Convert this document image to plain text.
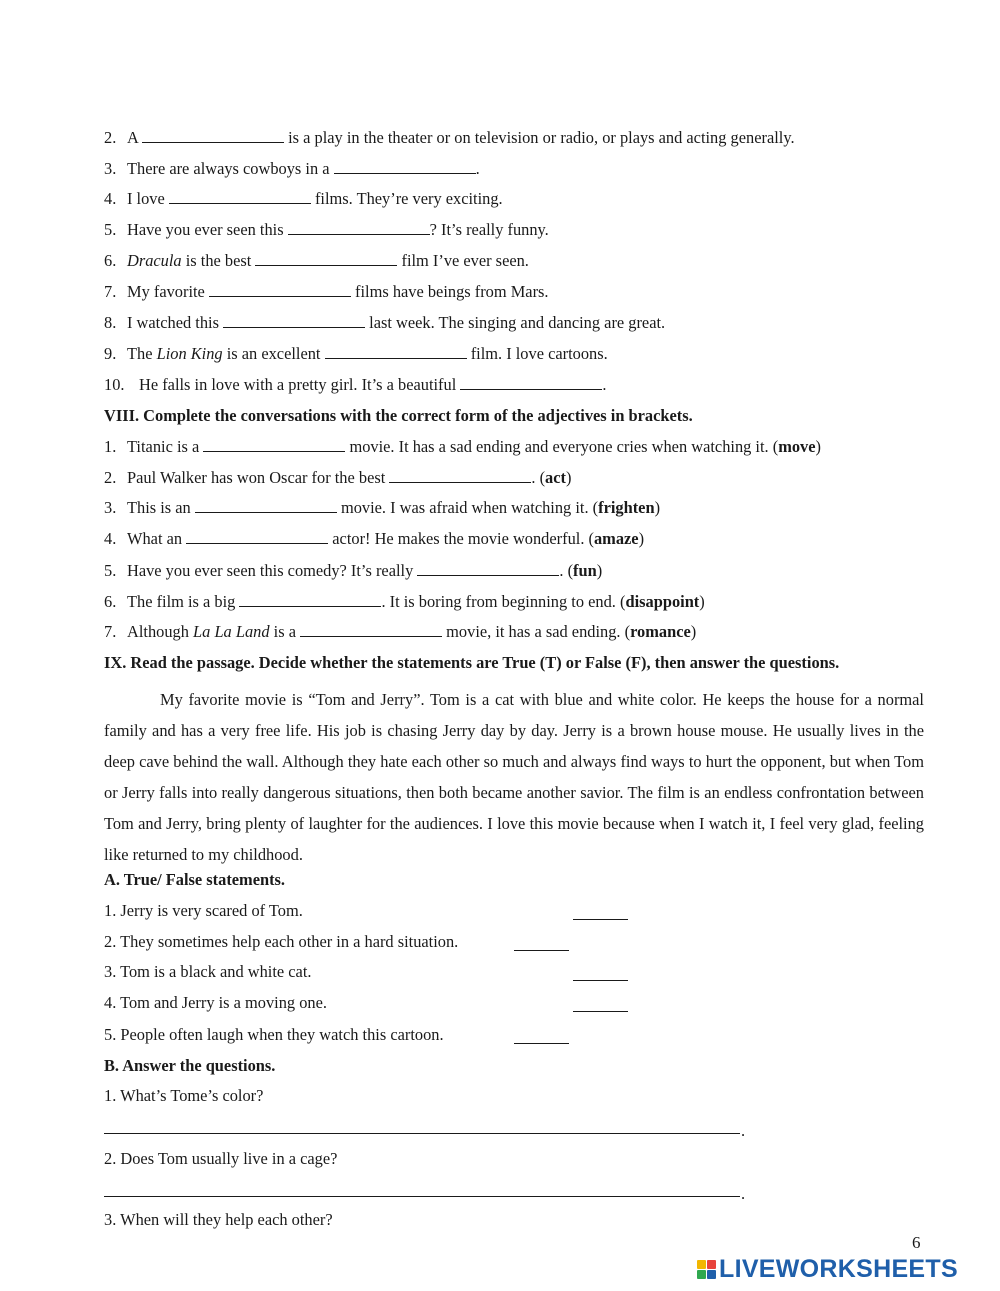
2. A	is a play in the theater or on television or radio, or plays and acting generally.
3. There are always cowboys in a	.
4. I love	films. They’re very exciting.
5. Have you ever seen this	? It’s really funny.
6. Dracula is the best	film I’ve ever seen.
7. My favorite	films have beings from Mars.
8. I watched this	last week. The singing and dancing are great.
9. The Lion King is an excellent	film. I love cartoons.
10. He falls in love with a pretty girl. It’s a beautiful	.
VIII. Complete the conversations with the correct form of the adjectives in brackets.
1. Titanic is a	movie. It has a sad ending and everyone cries when watching it. (move)
2. Paul Walker has won Oscar for the best	. (act)
3. This is an	movie. I was afraid when watching it. (frighten)
4. What an	actor! He makes the movie wonderful. (amaze)
5. Have you ever seen this comedy? It’s really	. (fun)
6. The film is a big	. It is boring from beginning to end. (disappoint)
7. Although La La Land is a	movie, it has a sad ending. (romance)
IX. Read the passage. Decide whether the statements are True (T) or False (F), then answer the questions.
My favorite movie is “Tom and Jerry”. Tom is a cat with blue and white color. He keeps the house for a normal family and has a very free life. His job is chasing Jerry day by day. Jerry is a brown house mouse. He usually lives in the deep cave behind the wall. Although they hate each other so much and always find ways to hurt the opponent, but when Tom or Jerry falls into really dangerous situations, then both became another savior. The film is an endless confrontation between Tom and Jerry, bring plenty of laughter for the audiences. I love this movie because when I watch it, I feel very glad, feeling like returned to my childhood.
A. True/ False statements.
1. Jerry is very scared of Tom.
2. They sometimes help each other in a hard situation.
3. Tom is a black and white cat.
4. Tom and Jerry is a moving one.
5. People often laugh when they watch this cartoon.
B. Answer the questions.
1. What’s Tome’s color?
.
2. Does Tom usually live in a cage?
.
3. When will they help each other?
6
LIVEWORKSHEETS
